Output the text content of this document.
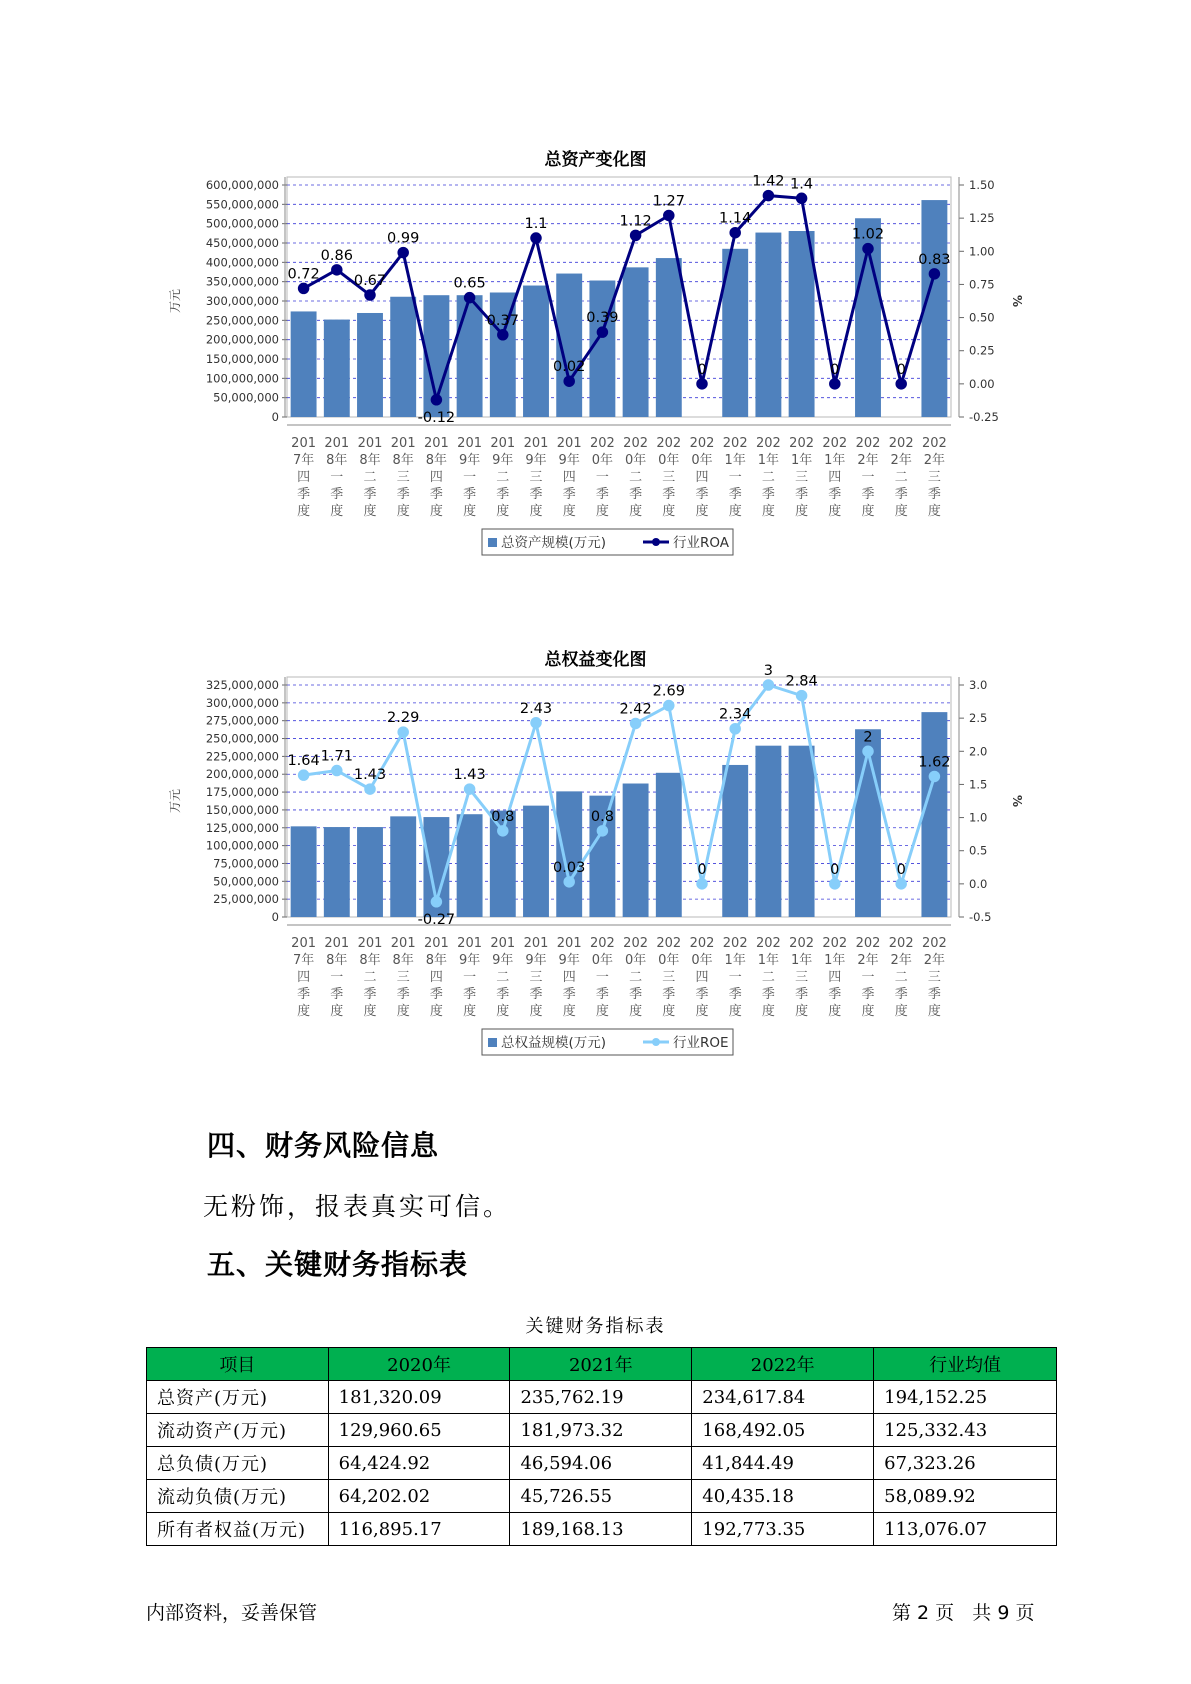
总资产变化图
0
50,000,000
100,000,000
150,000,000
200,000,000
250,000,000
300,000,000
350,000,000
400,000,000
450,000,000
500,000,000
550,000,000
600,000,000
-0.25
0.00
0.25
0.50
0.75
1.00
1.25
1.50
万元	%
201
7年
四
季
度
201
8年
一
季
度
201
8年
二
季
度
201
8年
三
季
度
201
8年
四
季
度
201
9年
一
季
度
201
9年
二
季
度
201
9年
三
季
度
201
9年
四
季
度
202
0年
一
季
度
202
0年
二
季
度
202
0年
三
季
度
202
0年
四
季
度
202
1年
一
季
度
202
1年
二
季
度
202
1年
三
季
度
202
1年
四
季
度
202
2年
一
季
度
202
2年
二
季
度
202
2年
三
季
度
0.72
0.86
0.67
0.99
-0.12
0.65
0.37
1.1
0.02
0.39
1.12
1.27
0
1.14
1.42 1.4
0
1.02
0
0.83
总资产规模(万元)	行业ROA
总权益变化图
0
25,000,000
50,000,000
75,000,000
100,000,000
125,000,000
150,000,000
175,000,000
200,000,000
225,000,000
250,000,000
275,000,000
300,000,000
325,000,000
-0.5
0.0
0.5
1.0
1.5
2.0
2.5
3.0
万元	%
201
7年
四
季
度
201
8年
一
季
度
201
8年
二
季
度
201
8年
三
季
度
201
8年
四
季
度
201
9年
一
季
度
201
9年
二
季
度
201
9年
三
季
度
201
9年
四
季
度
202
0年
一
季
度
202
0年
二
季
度
202
0年
三
季
度
202
0年
四
季
度
202
1年
一
季
度
202
1年
二
季
度
202
1年
三
季
度
202
1年
四
季
度
202
2年
一
季
度
202
2年
二
季
度
202
2年
三
季
度
1.64 1.71
1.43
2.29
-0.27
1.43
0.8
2.43
0.03
0.8
2.42
2.69
0
2.34
3
2.84
0
2
0
1.62
总权益规模(万元)	行业ROE
四、财务风险信息
无粉饰，报表真实可信。
五、关键财务指标表
关键财务指标表
项目	2020年	2021年	2022年	行业均值
总资产(万元)	181,320.09	235,762.19	234,617.84	194,152.25
流动资产(万元)	129,960.65	181,973.32	168,492.05	125,332.43
总负债(万元)	64,424.92	46,594.06	41,844.49	67,323.26
流动负债(万元)	64,202.02	45,726.55	40,435.18	58,089.92
所有者权益(万元)	116,895.17	189,168.13	192,773.35	113,076.07
内部资料，妥善保管	第 2 页   共 9 页
